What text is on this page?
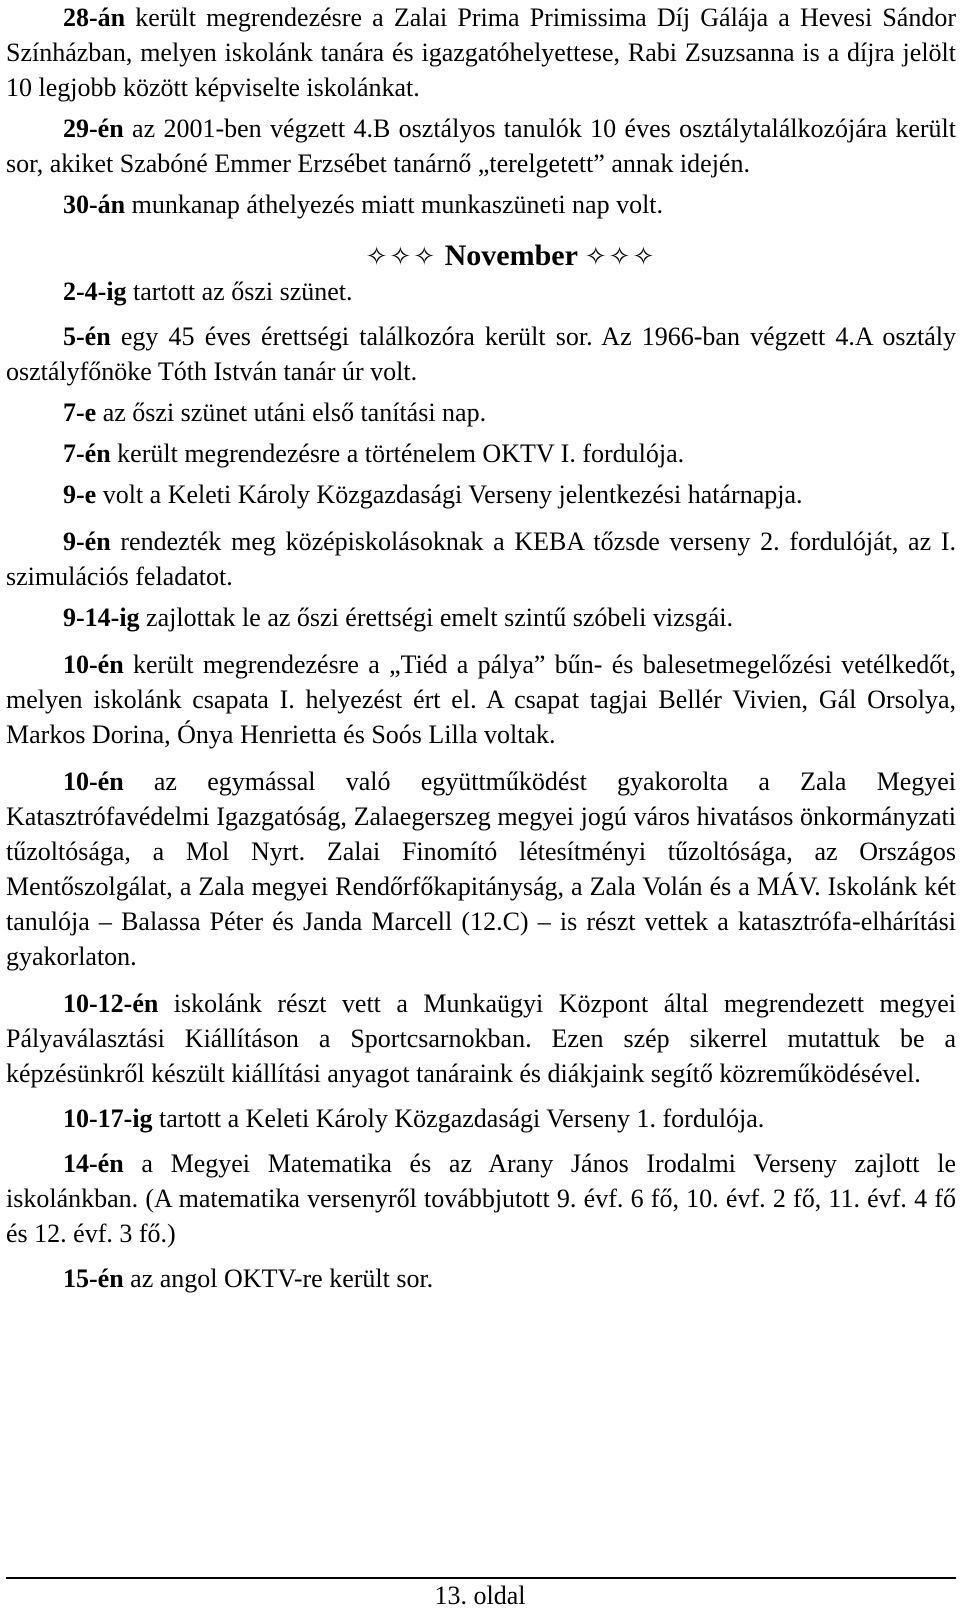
28-án került megrendezésre a Zalai Prima Primissima Díj Gálája a Hevesi Sándor Színházban, melyen iskolánk tanára és igazgatóhelyettese, Rabi Zsuzsanna is a díjra jelölt 10 legjobb között képviselte iskolánkat.

29-én az 2001-ben végzett 4.B osztályos tanulók 10 éves osztálytalálkozójára került sor, akiket Szabóné Emmer Erzsébet tanárnő „terelgetett” annak idején.

30-án munkanap áthelyezés miatt munkaszüneti nap volt.

✧✧✧ November ✧✧✧

2-4-ig tartott az őszi szünet.

5-én egy 45 éves érettségi találkozóra került sor. Az 1966-ban végzett 4.A osztály osztályfőnöke Tóth István tanár úr volt.

7-e az őszi szünet utáni első tanítási nap.

7-én került megrendezésre a történelem OKTV I. fordulója.

9-e volt a Keleti Károly Közgazdasági Verseny jelentkezési határnapja.

9-én rendezték meg középiskolásoknak a KEBA tőzsde verseny 2. fordulóját, az I. szimulációs feladatot.

9-14-ig zajlottak le az őszi érettségi emelt szintű szóbeli vizsgái.

10-én került megrendezésre a „Tiéd a pálya” bűn- és balesetmegelőzési vetélkedőt, melyen iskolánk csapata I. helyezést ért el. A csapat tagjai Bellér Vivien, Gál Orsolya, Markos Dorina, Ónya Henrietta és Soós Lilla voltak.

10-én az egymással való együttműködést gyakorolta a Zala Megyei Katasztrófavédelmi Igazgatóság, Zalaegerszeg megyei jogú város hivatásos önkormányzati tűzoltósága, a Mol Nyrt. Zalai Finomító létesítményi tűzoltósága, az Országos Mentőszolgálat, a Zala megyei Rendőrfőkapitányság, a Zala Volán és a MÁV. Iskolánk két tanulója – Balassa Péter és Janda Marcell (12.C) – is részt vettek a katasztrófa-elhárítási gyakorlaton.

10-12-én iskolánk részt vett a Munkaügyi Központ által megrendezett megyei Pályaválasztási Kiállításon a Sportcsarnokban. Ezen szép sikerrel mutattuk be a képzésünkről készült kiállítási anyagot tanáraink és diákjaink segítő közreműködésével.

10-17-ig tartott a Keleti Károly Közgazdasági Verseny 1. fordulója.

14-én a Megyei Matematika és az Arany János Irodalmi Verseny zajlott le iskolánkban. (A matematika versenyről továbbjutott 9. évf. 6 fő, 10. évf. 2 fő, 11. évf. 4 fő és 12. évf. 3 fő.)

15-én az angol OKTV-re került sor.

13. oldal
